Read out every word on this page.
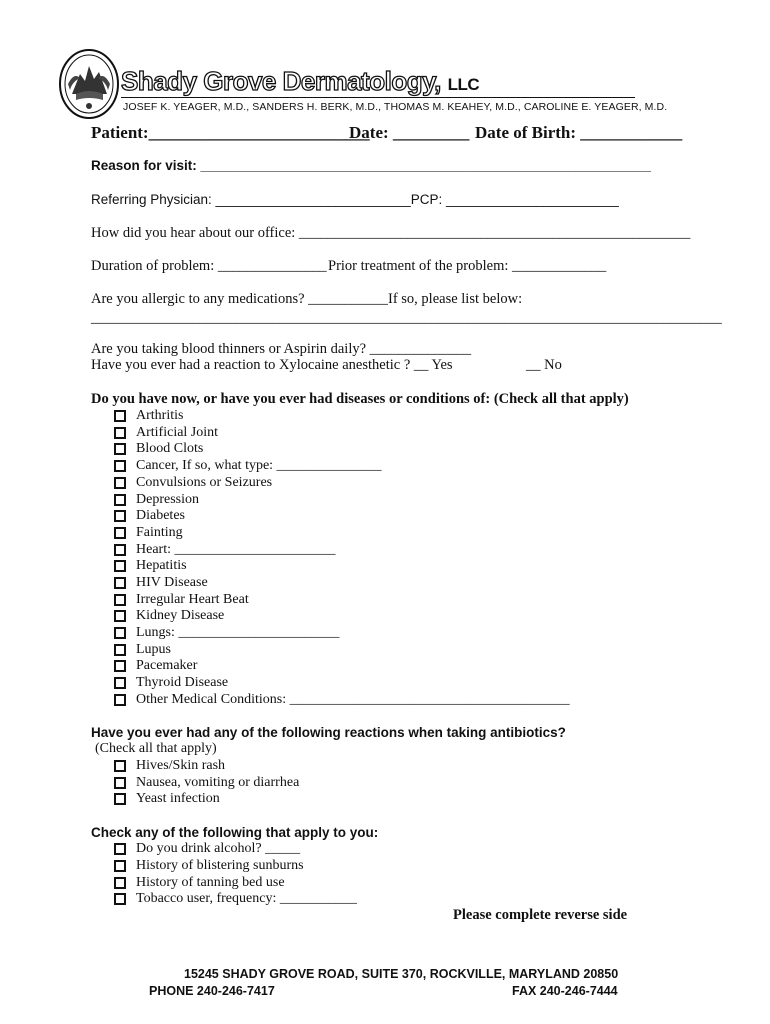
Shady Grove Dermatology, LLC
JOSEF K. YEAGER, M.D., SANDERS H. BERK, M.D., THOMAS M. KEAHEY, M.D., CAROLINE E. YEAGER, M.D.
Patient:__________________________
Date: _________ Date of Birth: ____________
Reason for visit: ____________________________________________________________
Referring Physician: __________________________PCP: _______________________
How did you hear about our office: ______________________________________________________
Duration of problem: _______________ Prior treatment of the problem: _____________
Are you allergic to any medications? ___________ If so, please list below:
_______________________________________________________________________________________
Are you taking blood thinners or Aspirin daily? ______________
Have you ever had a reaction to Xylocaine anesthetic ? __ Yes	__ No
Do you have now, or have you ever had diseases or conditions of: (Check all that apply)
Arthritis
Artificial Joint
Blood Clots
Cancer, If so, what type: _______________
Convulsions or Seizures
Depression
Diabetes
Fainting
Heart: _______________________
Hepatitis
HIV Disease
Irregular Heart Beat
Kidney Disease
Lungs: _______________________
Lupus
Pacemaker
Thyroid Disease
Other Medical Conditions: ________________________________________
Have you ever had any of the following reactions when taking antibiotics?
(Check all that apply)
Hives/Skin rash
Nausea, vomiting or diarrhea
Yeast infection
Check any of the following that apply to you:
Do you drink alcohol? _____
History of blistering sunburns
History of tanning bed use
Tobacco user, frequency: ___________
Please complete reverse side
15245 SHADY GROVE ROAD, SUITE 370, ROCKVILLE, MARYLAND 20850
PHONE 240-246-7417	FAX 240-246-7444
